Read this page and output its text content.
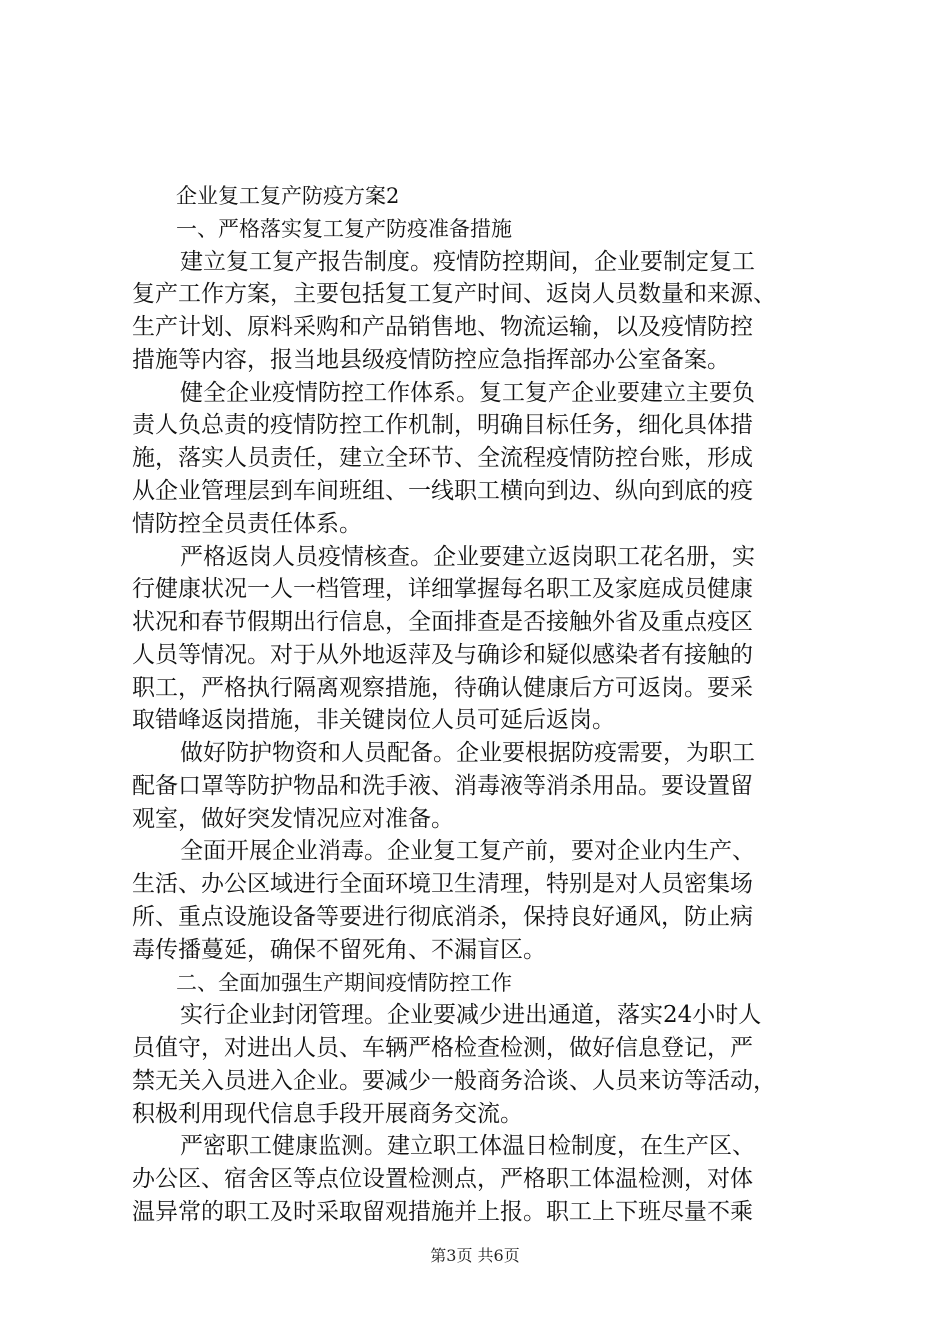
企业复工复产防疫方案2
一、严格落实复工复产防疫准备措施
建立复工复产报告制度。疫情防控期间，企业要制定复工
复产工作方案，主要包括复工复产时间、返岗人员数量和来源、
生产计划、原料采购和产品销售地、物流运输，以及疫情防控
措施等内容，报当地县级疫情防控应急指挥部办公室备案。
健全企业疫情防控工作体系。复工复产企业要建立主要负
责人负总责的疫情防控工作机制，明确目标任务，细化具体措
施，落实人员责任，建立全环节、全流程疫情防控台账，形成
从企业管理层到车间班组、一线职工横向到边、纵向到底的疫
情防控全员责任体系。
严格返岗人员疫情核查。企业要建立返岗职工花名册，实
行健康状况一人一档管理，详细掌握每名职工及家庭成员健康
状况和春节假期出行信息，全面排查是否接触外省及重点疫区
人员等情况。对于从外地返萍及与确诊和疑似感染者有接触的
职工，严格执行隔离观察措施，待确认健康后方可返岗。要采
取错峰返岗措施，非关键岗位人员可延后返岗。
做好防护物资和人员配备。企业要根据防疫需要，为职工
配备口罩等防护物品和洗手液、消毒液等消杀用品。要设置留
观室，做好突发情况应对准备。
全面开展企业消毒。企业复工复产前，要对企业内生产、
生活、办公区域进行全面环境卫生清理，特别是对人员密集场
所、重点设施设备等要进行彻底消杀，保持良好通风，防止病
毒传播蔓延，确保不留死角、不漏盲区。
二、全面加强生产期间疫情防控工作
实行企业封闭管理。企业要减少进出通道，落实24小时人
员值守，对进出人员、车辆严格检查检测，做好信息登记，严
禁无关入员进入企业。要减少一般商务洽谈、人员来访等活动，
积极利用现代信息手段开展商务交流。
严密职工健康监测。建立职工体温日检制度，在生产区、
办公区、宿舍区等点位设置检测点，严格职工体温检测，对体
温异常的职工及时采取留观措施并上报。职工上下班尽量不乘
第3页 共6页
